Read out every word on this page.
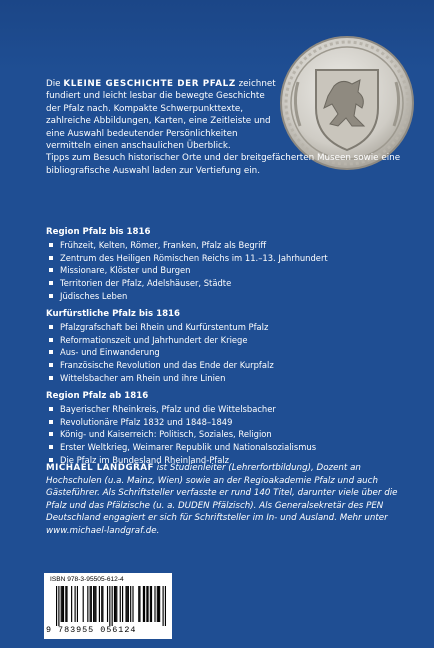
Die KLEINE GESCHICHTE DER PFALZ zeichnet fundiert und leicht lesbar die bewegte Geschichte der Pfalz nach. Kompakte Schwerpunkttexte, zahlreiche Abbildungen, Karten, eine Zeitleiste und eine Auswahl bedeutender Persönlichkeiten vermitteln einen anschaulichen Überblick.
Tipps zum Besuch historischer Orte und der breitgefächerten Museen sowie eine bibliografische Auswahl laden zur Vertiefung ein.
Region Pfalz bis 1816
Frühzeit, Kelten, Römer, Franken, Pfalz als Begriff
Zentrum des Heiligen Römischen Reichs im 11.–13. Jahrhundert
Missionare, Klöster und Burgen
Territorien der Pfalz, Adelshäuser, Städte
Jüdisches Leben
Kurfürstliche Pfalz bis 1816
Pfalzgrafschaft bei Rhein und Kurfürstentum Pfalz
Reformationszeit und Jahrhundert der Kriege
Aus- und Einwanderung
Französische Revolution und das Ende der Kurpfalz
Wittelsbacher am Rhein und ihre Linien
Region Pfalz ab 1816
Bayerischer Rheinkreis, Pfalz und die Wittelsbacher
Revolutionäre Pfalz 1832 und 1848–1849
König- und Kaiserreich: Politisch, Soziales, Religion
Erster Weltkrieg, Weimarer Republik und Nationalsozialismus
Die Pfalz im Bundesland Rheinland-Pfalz
MICHAEL LANDGRAF ist Studienleiter (Lehrerfortbildung), Dozent an Hochschulen (u.a. Mainz, Wien) sowie an der Regioakademie Pfalz und auch Gästeführer. Als Schriftsteller verfasste er rund 140 Titel, darunter viele über die Pfalz und das Pfälzische (u. a. DUDEN Pfälzisch). Als Generalsekretär des PEN Deutschland engagiert er sich für Schriftsteller im In- und Ausland. Mehr unter www.michael-landgraf.de.
ISBN 978-3-95505-612-4
9 783955 056124
